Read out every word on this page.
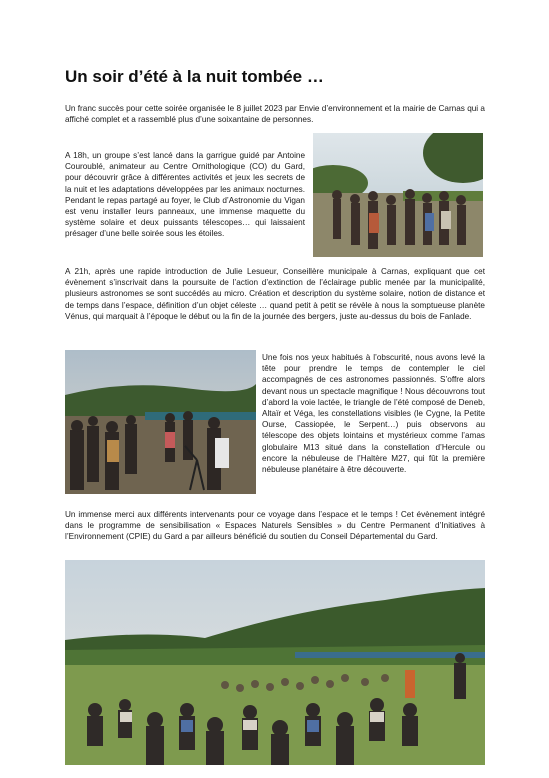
Un soir d’été à la nuit tombée …

Un franc succès pour cette soirée organisée le 8 juillet 2023 par Envie d’environnement et la mairie de Carnas qui a affiché complet et a rassemblé plus d’une soixantaine de personnes.

A 18h, un groupe s’est lancé dans la garrigue guidé par Antoine Couroublé, animateur au Centre Ornithologique (CO) du Gard, pour découvrir grâce à différentes activités et jeux les secrets de la nuit et les adaptations développées par les animaux nocturnes. Pendant le repas partagé au foyer, le Club d’Astronomie du Vigan est venu installer leurs panneaux, une immense maquette du système solaire et deux puissants télescopes… qui laissaient présager d’une belle soirée sous les étoiles.

A 21h, après une rapide introduction de Julie Lesueur, Conseillère municipale à Carnas, expliquant que cet évènement s’inscrivait dans la poursuite de l’action d’extinction de l’éclairage public menée par la municipalité, plusieurs astronomes se sont succédés au micro. Création et description du système solaire, notion de distance et de temps dans l’espace, définition d’un objet céleste … quand petit à petit se révèle à nous la somptueuse planète Vénus, qui marquait à l’époque le début ou la fin de la journée des bergers, juste au-dessus du bois de Fanlade.

Une fois nos yeux habitués à l’obscurité, nous avons levé la tête pour prendre le temps de contempler le ciel accompagnés de ces astronomes passionnés. S’offre alors devant nous un spectacle magnifique ! Nous découvrons tout d’abord la voie lactée, le triangle de l’été composé de Deneb, Altaïr et Véga, les constellations visibles (le Cygne, la Petite Ourse, Cassiopée, le Serpent…) puis observons au télescope des objets lointains et mystérieux comme l’amas globulaire M13 situé dans la constellation d’Hercule ou encore la nébuleuse de l’Haltère M27, qui fût la première nébuleuse planétaire à être découverte.

Un immense merci aux différents intervenants pour ce voyage dans l’espace et le temps ! Cet évènement intégré dans le programme de sensibilisation « Espaces Naturels Sensibles » du Centre Permanent d’Initiatives à l’Environnement (CPIE) du Gard a par ailleurs bénéficié du soutien du Conseil Départemental du Gard.
